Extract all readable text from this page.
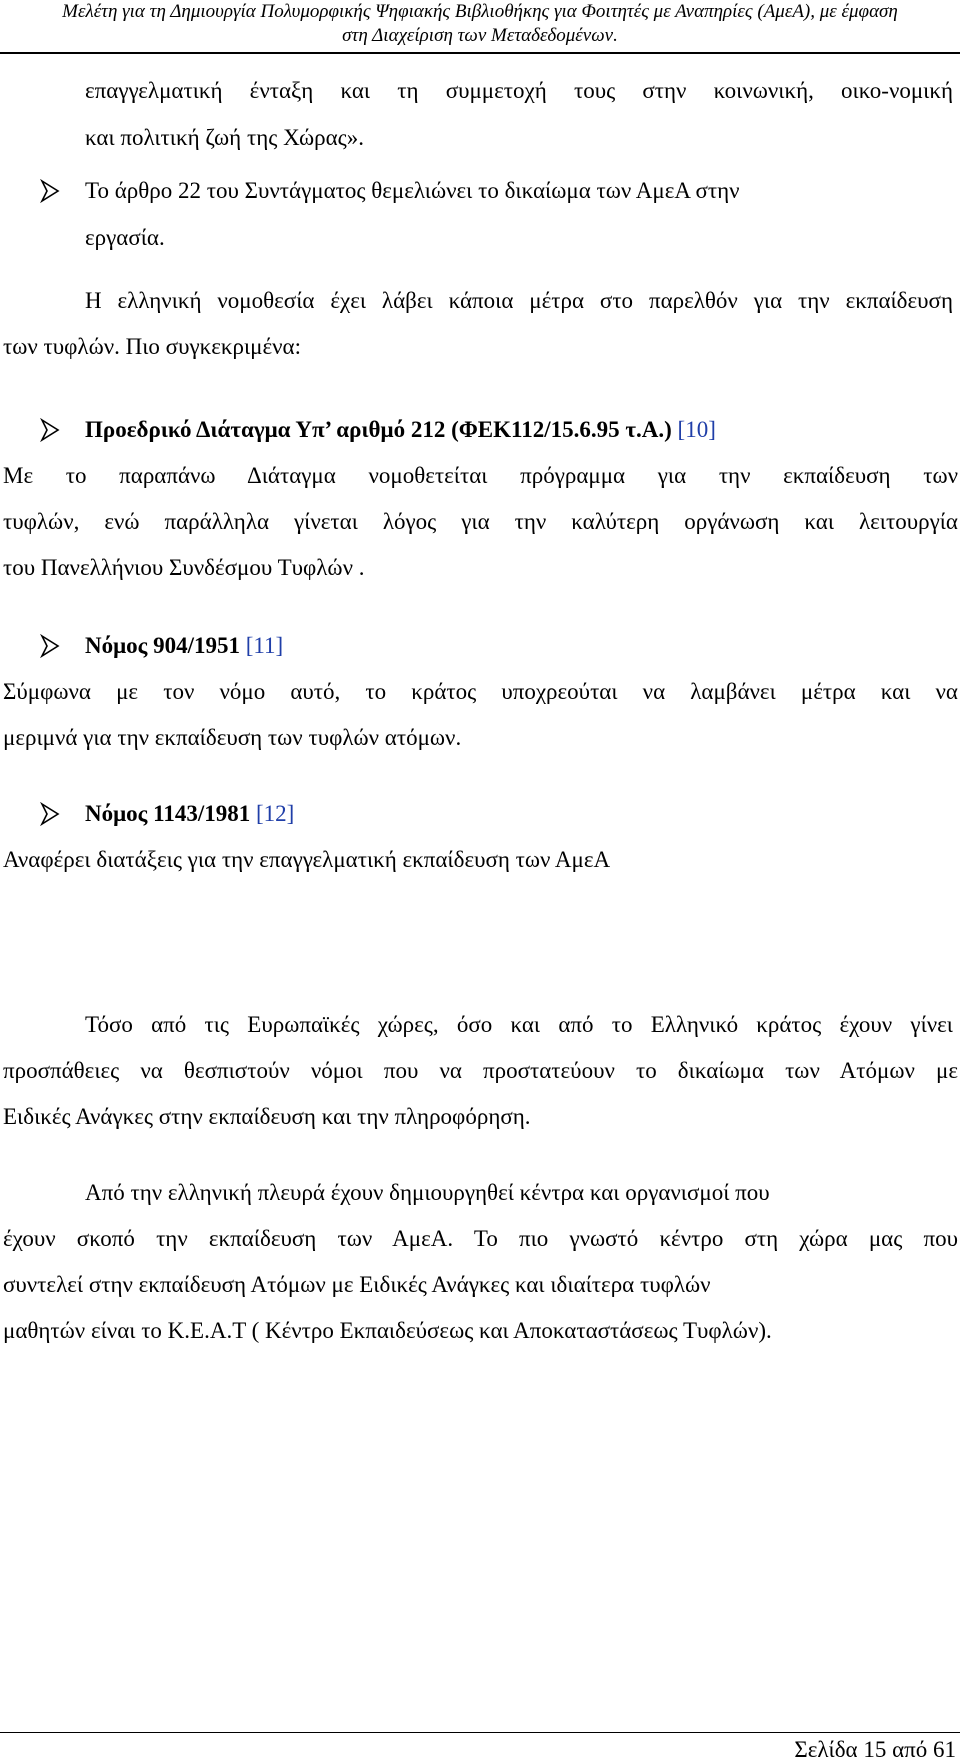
Μελέτη για τη Δημιουργία Πολυμορφικής Ψηφιακής Βιβλιοθήκης για Φοιτητές με Αναπηρίες (ΑμεΑ), με έμφαση
στη Διαχείριση των Μεταδεδομένων.
επαγγελματική ένταξη και τη συμμετοχή τους στην κοινωνική, οικο-νομική
και πολιτική ζωή της Χώρας».
Το άρθρο 22 του Συντάγματος θεμελιώνει το δικαίωμα των ΑμεΑ στην
εργασία.
Η ελληνική νομοθεσία έχει λάβει κάποια μέτρα στο παρελθόν για την εκπαίδευση
των τυφλών. Πιο συγκεκριμένα:
Προεδρικό Διάταγμα Υπ’ αριθμό 212 (ΦΕΚ112/15.6.95 τ.Α.) [10]
Με το παραπάνω Διάταγμα νομοθετείται πρόγραμμα για την εκπαίδευση των
τυφλών, ενώ παράλληλα γίνεται λόγος για την καλύτερη οργάνωση και λειτουργία
του Πανελλήνιου Συνδέσμου Τυφλών .
Νόμος 904/1951 [11]
Σύμφωνα με τον νόμο αυτό, το κράτος υποχρεούται να λαμβάνει μέτρα και να
μεριμνά για την εκπαίδευση των τυφλών ατόμων.
Νόμος 1143/1981 [12]
Αναφέρει διατάξεις για την επαγγελματική εκπαίδευση των ΑμεΑ
Τόσο από τις Ευρωπαϊκές χώρες, όσο και από το Ελληνικό κράτος έχουν γίνει
προσπάθειες να θεσπιστούν νόμοι που να προστατεύουν το δικαίωμα των Ατόμων με
Ειδικές Ανάγκες στην εκπαίδευση και την πληροφόρηση.
Από την ελληνική πλευρά έχουν δημιουργηθεί κέντρα και οργανισμοί που
έχουν σκοπό την εκπαίδευση των ΑμεΑ. Το πιο γνωστό κέντρο στη χώρα μας που
συντελεί στην εκπαίδευση Ατόμων με Ειδικές Ανάγκες και ιδιαίτερα τυφλών
μαθητών είναι το Κ.Ε.Α.Τ ( Κέντρο Εκπαιδεύσεως και Αποκαταστάσεως Τυφλών).
Σελίδα 15 από 61
